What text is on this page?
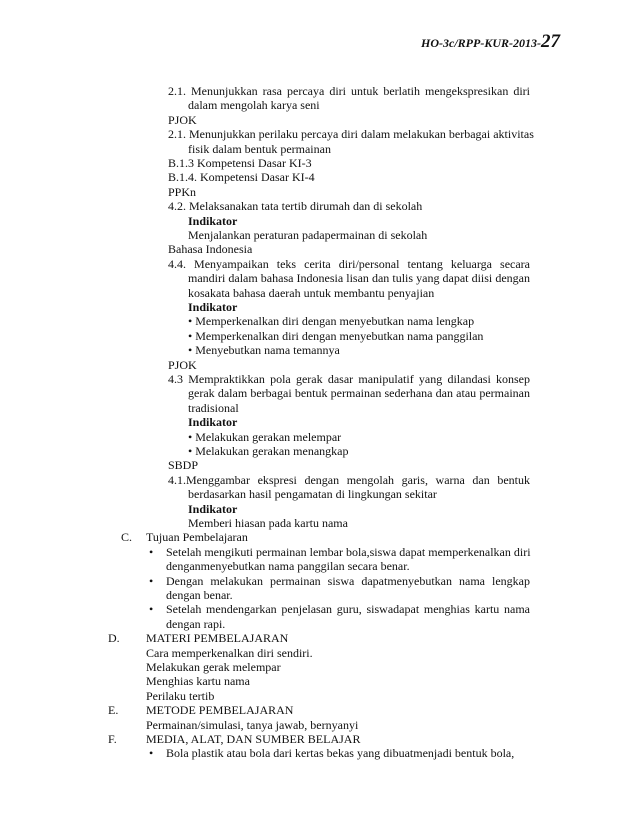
HO-3c/RPP-KUR-2013-27
2.1. Menunjukkan rasa percaya diri untuk berlatih mengekspresikan diri
dalam mengolah karya seni
PJOK
2.1. Menunjukkan perilaku percaya diri dalam melakukan berbagai aktivitas
fisik dalam bentuk permainan
B.1.3 Kompetensi Dasar KI-3
B.1.4. Kompetensi Dasar KI-4
PPKn
4.2. Melaksanakan tata tertib dirumah dan di sekolah
Indikator
Menjalankan peraturan padapermainan di sekolah
Bahasa Indonesia
4.4. Menyampaikan teks cerita diri/personal tentang keluarga secara
mandiri dalam bahasa Indonesia lisan dan tulis yang dapat diisi dengan
kosakata bahasa daerah untuk membantu penyajian
Indikator
• Memperkenalkan diri dengan menyebutkan nama lengkap
• Memperkenalkan diri dengan menyebutkan nama panggilan
• Menyebutkan nama temannya
PJOK
4.3 Mempraktikkan pola gerak dasar manipulatif yang dilandasi konsep
gerak dalam berbagai bentuk permainan sederhana dan atau permainan
tradisional
Indikator
• Melakukan gerakan melempar
• Melakukan gerakan menangkap
SBDP
4.1.Menggambar ekspresi dengan mengolah garis, warna dan bentuk
berdasarkan hasil pengamatan di lingkungan sekitar
Indikator
Memberi hiasan pada kartu nama
C. Tujuan Pembelajaran
• Setelah mengikuti permainan lembar bola,siswa dapat memperkenalkan diri
denganmenyebutkan nama panggilan secara benar.
• Dengan melakukan permainan siswa dapatmenyebutkan nama lengkap
dengan benar.
• Setelah mendengarkan penjelasan guru, siswadapat menghias kartu nama
dengan rapi.
D. MATERI PEMBELAJARAN
Cara memperkenalkan diri sendiri.
Melakukan gerak melempar
Menghias kartu nama
Perilaku tertib
E. METODE PEMBELAJARAN
Permainan/simulasi, tanya jawab, bernyanyi
F. MEDIA, ALAT, DAN SUMBER BELAJAR
• Bola plastik atau bola dari kertas bekas yang dibuatmenjadi bentuk bola,
